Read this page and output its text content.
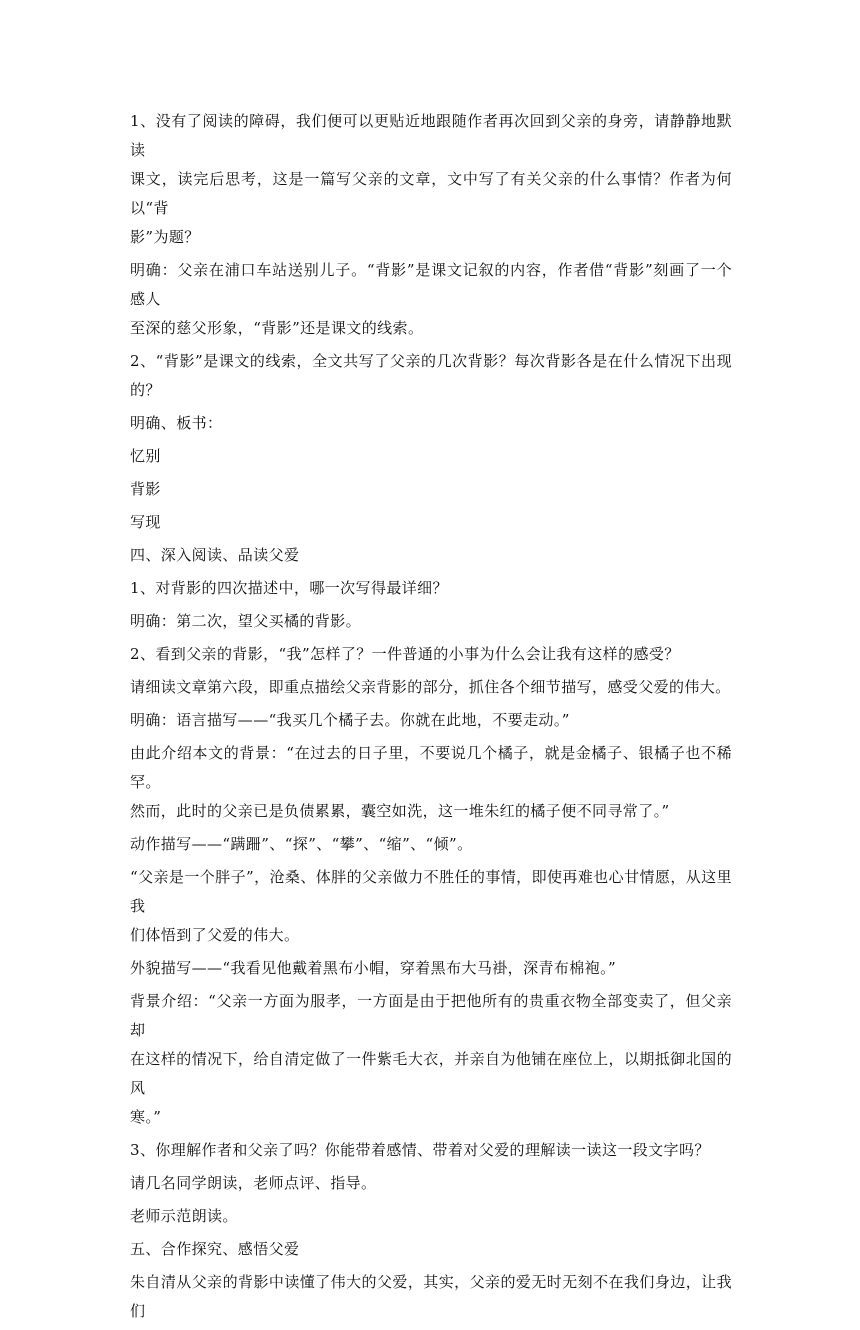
1、没有了阅读的障碍，我们便可以更贴近地跟随作者再次回到父亲的身旁，请静静地默读
课文，读完后思考，这是一篇写父亲的文章，文中写了有关父亲的什么事情？作者为何以“背
影”为题？
明确：父亲在浦口车站送别儿子。“背影”是课文记叙的内容，作者借“背影”刻画了一个感人
至深的慈父形象，“背影”还是课文的线索。
2、“背影”是课文的线索，全文共写了父亲的几次背影？每次背影各是在什么情况下出现的？
明确、板书：
忆别
背影
写现
四、深入阅读、品读父爱
1、对背影的四次描述中，哪一次写得最详细？
明确：第二次，望父买橘的背影。
2、看到父亲的背影，“我”怎样了？一件普通的小事为什么会让我有这样的感受？
请细读文章第六段，即重点描绘父亲背影的部分，抓住各个细节描写，感受父爱的伟大。
明确：语言描写——“我买几个橘子去。你就在此地，不要走动。”
由此介绍本文的背景：“在过去的日子里，不要说几个橘子，就是金橘子、银橘子也不稀罕。
然而，此时的父亲已是负债累累，囊空如洗，这一堆朱红的橘子便不同寻常了。”
动作描写——“蹒跚”、“探”、“攀”、“缩”、“倾”。
“父亲是一个胖子”，沧桑、体胖的父亲做力不胜任的事情，即使再难也心甘情愿，从这里我
们体悟到了父爱的伟大。
外貌描写——“我看见他戴着黑布小帽，穿着黑布大马褂，深青布棉袍。”
背景介绍：“父亲一方面为服孝，一方面是由于把他所有的贵重衣物全部变卖了，但父亲却
在这样的情况下，给自清定做了一件紫毛大衣，并亲自为他铺在座位上，以期抵御北国的风
寒。”
3、你理解作者和父亲了吗？你能带着感情、带着对父爱的理解读一读这一段文字吗？
请几名同学朗读，老师点评、指导。
老师示范朗读。
五、合作探究、感悟父爱
朱自清从父亲的背影中读懂了伟大的父爱，其实，父亲的爱无时无刻不在我们身边，让我们
